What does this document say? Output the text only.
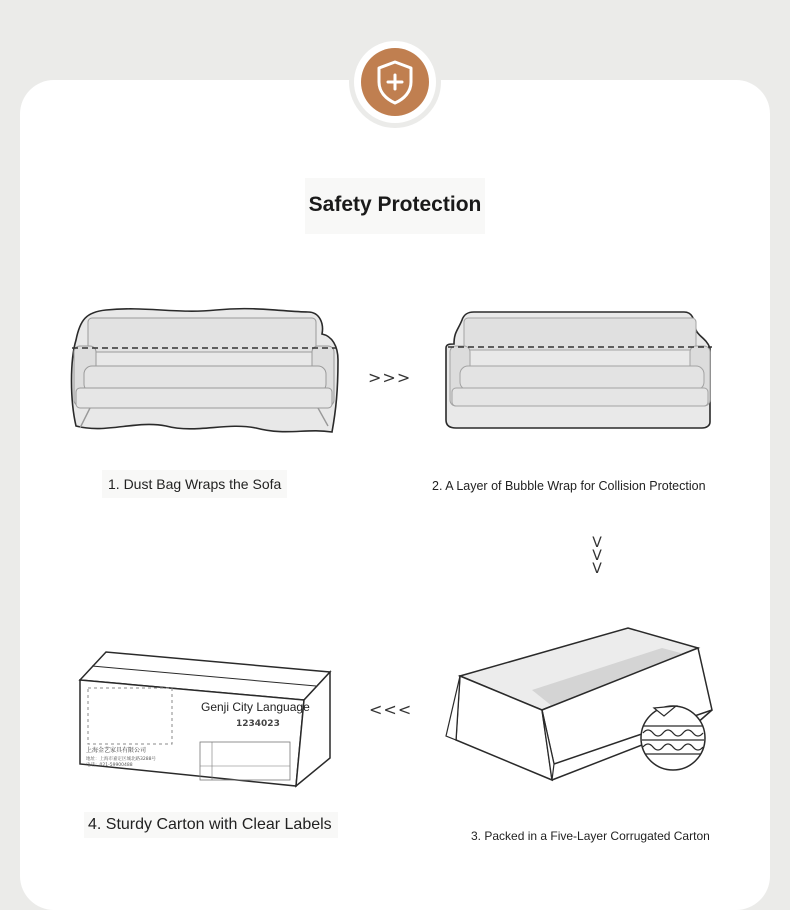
Safety Protection
>>>
1. Dust Bag Wraps the Sofa	2. A Layer of Bubble Wrap for Collision Protection
V
V
V
上海金艺家具有限公司
地址：上海市嘉定区城北路3288号
电话：021-59900488
1234023
Genji City Language	<<<
4. Sturdy Carton with Clear Labels
3. Packed in a Five-Layer Corrugated Carton
